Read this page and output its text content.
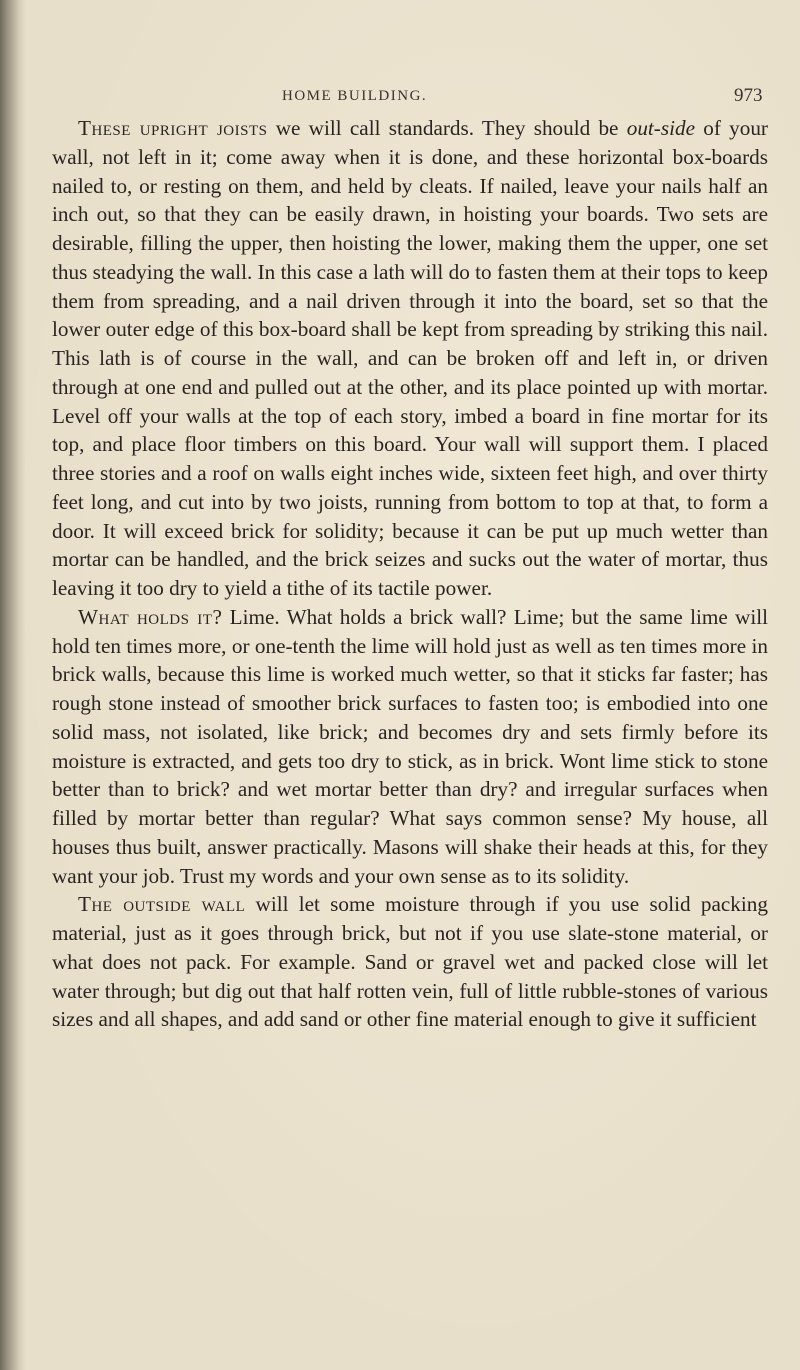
HOME BUILDING.	973

These upright joists we will call standards. They should be out-side of your wall, not left in it; come away when it is done, and these horizontal box-boards nailed to, or resting on them, and held by cleats. If nailed, leave your nails half an inch out, so that they can be easily drawn, in hoisting your boards. Two sets are desirable, filling the upper, then hoisting the lower, making them the upper, one set thus steadying the wall. In this case a lath will do to fasten them at their tops to keep them from spreading, and a nail driven through it into the board, set so that the lower outer edge of this box-board shall be kept from spreading by striking this nail. This lath is of course in the wall, and can be broken off and left in, or driven through at one end and pulled out at the other, and its place pointed up with mortar. Level off your walls at the top of each story, imbed a board in fine mortar for its top, and place floor timbers on this board. Your wall will support them. I placed three stories and a roof on walls eight inches wide, sixteen feet high, and over thirty feet long, and cut into by two joists, running from bottom to top at that, to form a door. It will exceed brick for solidity; because it can be put up much wetter than mortar can be handled, and the brick seizes and sucks out the water of mortar, thus leaving it too dry to yield a tithe of its tactile power.

What holds it? Lime. What holds a brick wall? Lime; but the same lime will hold ten times more, or one-tenth the lime will hold just as well as ten times more in brick walls, because this lime is worked much wetter, so that it sticks far faster; has rough stone instead of smoother brick surfaces to fasten too; is embodied into one solid mass, not isolated, like brick; and becomes dry and sets firmly before its moisture is extracted, and gets too dry to stick, as in brick. Wont lime stick to stone better than to brick? and wet mortar better than dry? and irregular surfaces when filled by mortar better than regular? What says common sense? My house, all houses thus built, answer practically. Masons will shake their heads at this, for they want your job. Trust my words and your own sense as to its solidity.

The outside wall will let some moisture through if you use solid packing material, just as it goes through brick, but not if you use slate-stone material, or what does not pack. For example. Sand or gravel wet and packed close will let water through; but dig out that half rotten vein, full of little rubble-stones of various sizes and all shapes, and add sand or other fine material enough to give it sufficient
